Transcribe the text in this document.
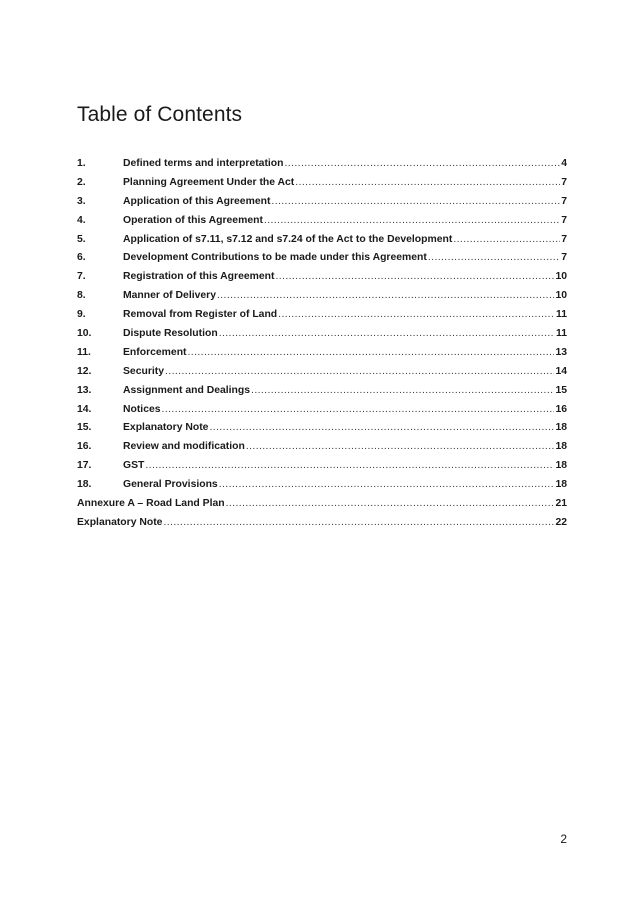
Table of Contents
1.	Defined terms and interpretation .....	4
2.	Planning Agreement Under the Act .....	7
3.	Application of this Agreement .....	7
4.	Operation of this Agreement .....	7
5.	Application of s7.11, s7.12 and s7.24 of the Act to the Development .....	7
6.	Development Contributions to be made under this Agreement .....	7
7.	Registration of this Agreement .....	10
8.	Manner of Delivery .....	10
9.	Removal from Register of Land .....	11
10.	Dispute Resolution .....	11
11.	Enforcement .....	13
12.	Security .....	14
13.	Assignment and Dealings .....	15
14.	Notices .....	16
15.	Explanatory Note .....	18
16.	Review and modification .....	18
17.	GST .....	18
18.	General Provisions .....	18
Annexure A – Road Land Plan .....	21
Explanatory Note .....	22
2
